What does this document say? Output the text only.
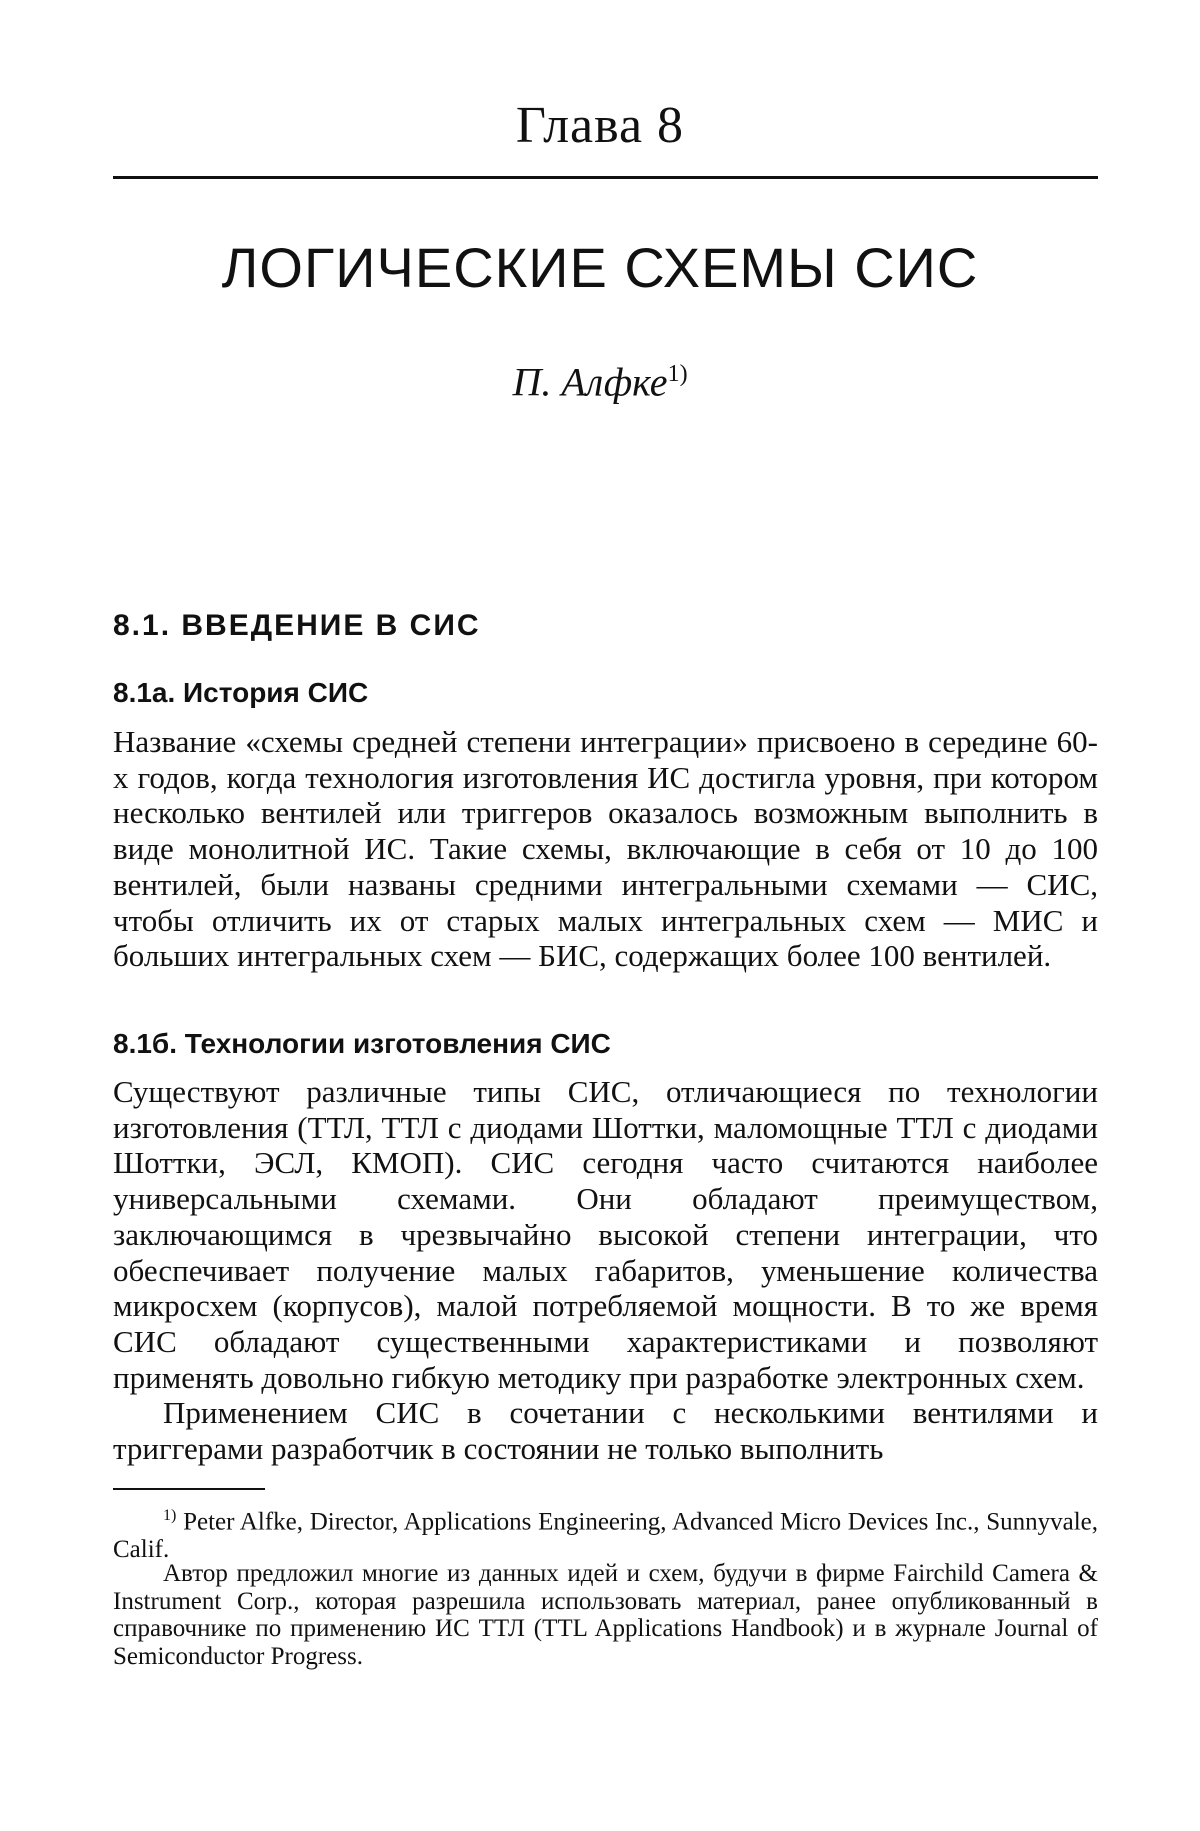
Глава 8
ЛОГИЧЕСКИЕ СХЕМЫ СИС
П. Алфке1)
8.1. ВВЕДЕНИЕ В СИС
8.1а. История СИС

Название «схемы средней степени интеграции» присвоено в середине 60-х годов, когда технология изготовления ИС достигла уровня, при котором несколько вентилей или триггеров оказалось возможным выполнить в виде монолитной ИС. Такие схемы, включающие в себя от 10 до 100 вентилей, были названы средними интегральными схемами — СИС, чтобы отличить их от старых малых интегральных схем — МИС и больших интегральных схем — БИС, содержащих более 100 вентилей.

8.1б. Технологии изготовления СИС

Существуют различные типы СИС, отличающиеся по технологии изготовления (ТТЛ, ТТЛ с диодами Шоттки, маломощные ТТЛ с диодами Шоттки, ЭСЛ, КМОП). СИС сегодня часто считаются наиболее универсальными схемами. Они обладают преимуществом, заключающимся в чрезвычайно высокой степени интеграции, что обеспечивает получение малых габаритов, уменьшение количества микросхем (корпусов), малой потребляемой мощности. В то же время СИС обладают существенными характеристиками и позволяют применять довольно гибкую методику при разработке электронных схем.

Применением СИС в сочетании с несколькими вентилями и триггерами разработчик в состоянии не только выполнить

1) Peter Alfke, Director, Applications Engineering, Advanced Micro Devices Inc., Sunnyvale, Calif.

Автор предложил многие из данных идей и схем, будучи в фирме Fairchild Camera & Instrument Corp., которая разрешила использовать материал, ранее опубликованный в справочнике по применению ИС ТТЛ (TTL Applications Handbook) и в журнале Journal of Semiconductor Progress.
